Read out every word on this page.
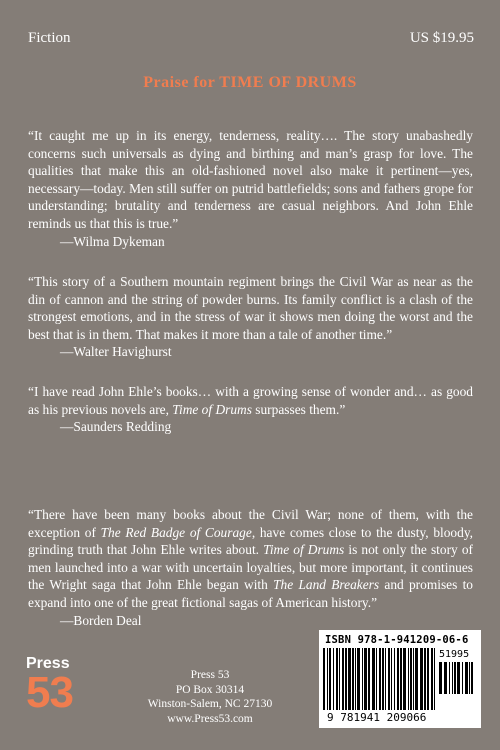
Fiction	US $19.95
Praise for TIME OF DRUMS

“It caught me up in its energy, tenderness, reality…. The story unabashedly concerns such universals as dying and birthing and man’s grasp for love. The qualities that make this an old-fashioned novel also make it pertinent—yes, necessary—today. Men still suffer on putrid battlefields; sons and fathers grope for understanding; brutality and tenderness are casual neighbors. And John Ehle reminds us that this is true.”

—Wilma Dykeman

“This story of a Southern mountain regiment brings the Civil War as near as the din of cannon and the string of powder burns. Its family conflict is a clash of the strongest emotions, and in the stress of war it shows men doing the worst and the best that is in them. That makes it more than a tale of another time.”

—Walter Havighurst

“I have read John Ehle’s books… with a growing sense of wonder and… as good as his previous novels are, Time of Drums surpasses them.”

—Saunders Redding

“There have been many books about the Civil War; none of them, with the exception of The Red Badge of Courage, have comes close to the dusty, bloody, grinding truth that John Ehle writes about. Time of Drums is not only the story of men launched into a war with uncertain loyalties, but more important, it continues the Wright saga that John Ehle began with The Land Breakers and promises to expand into one of the great fictional sagas of American history.”

—Borden Deal
Press
53	Press 53
PO Box 30314
Winston-Salem, NC 27130
www.Press53.com
ISBN 978-1-941209-06-6
51995
9 781941 209066
